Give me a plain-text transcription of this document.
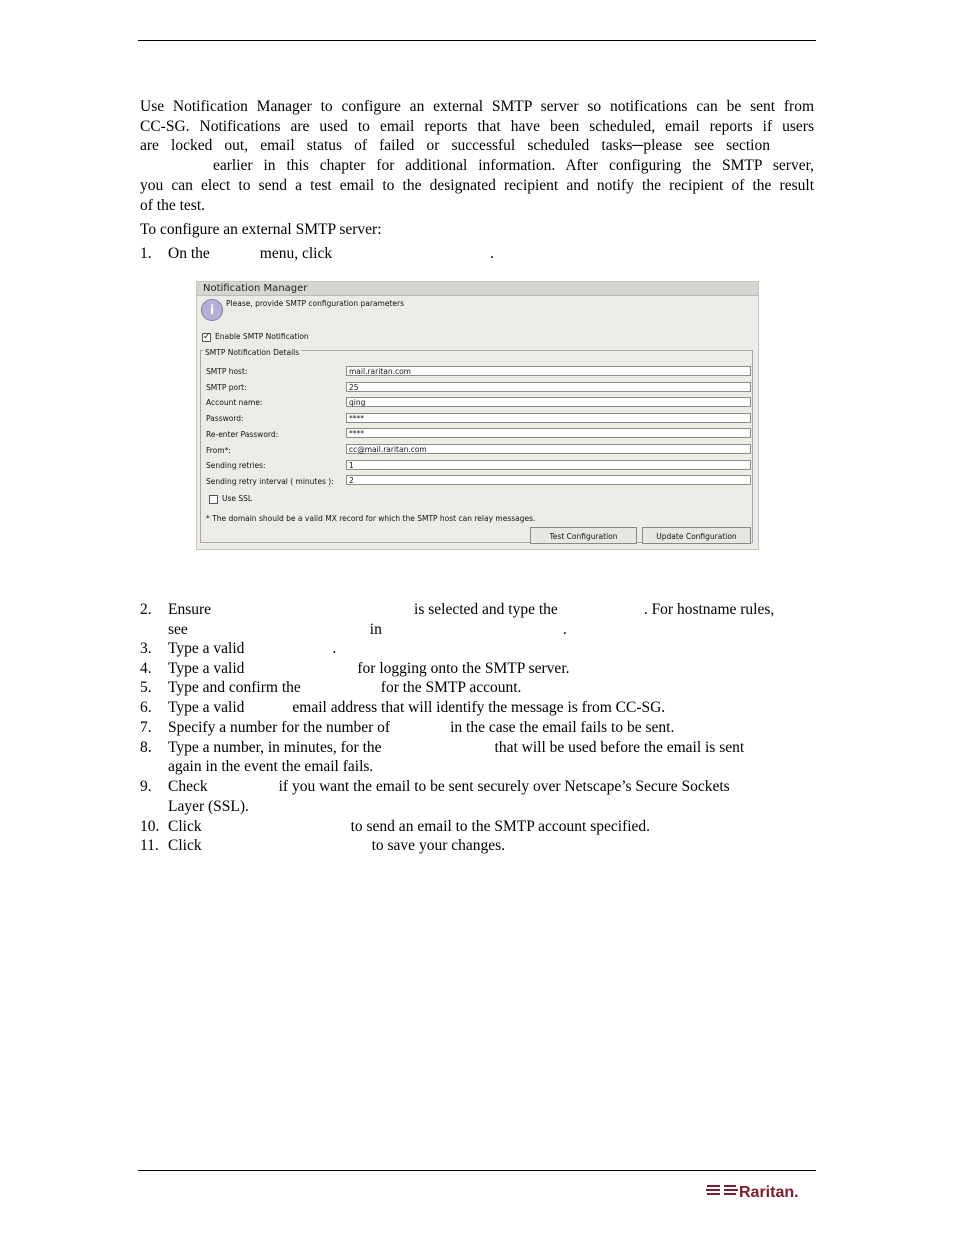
Use Notification Manager to configure an external SMTP server so notifications can be sent from
CC-SG. Notifications are used to email reports that have been scheduled, email reports if users
are locked out, email status of failed or successful scheduled tasks─please see section
earlier in this chapter for additional information. After configuring the SMTP server,
you can elect to send a test email to the designated recipient and notify the recipient of the result
of the test.
To configure an external SMTP server:
1.	On the	menu, click	.
Notification Manager
i	Please, provide SMTP configuration parameters
✓ Enable SMTP Notification
SMTP Notification Details
SMTP host:	mail.raritan.com
SMTP port:	25
Account name:	qing
Password:	****
Re-enter Password:	****
From*:	cc@mail.raritan.com
Sending retries:	1
Sending retry interval ( minutes ):	2
Use SSL
* The domain should be a valid MX record for which the SMTP host can relay messages.
Test Configuration	Update Configuration
2.	Ensure	is selected and type the	. For hostname rules,
see	in	.
3.	Type a valid	.
4.	Type a valid	for logging onto the SMTP server.
5.	Type and confirm the	for the SMTP account.
6.	Type a valid	email address that will identify the message is from CC-SG.
7.	Specify a number for the number of	in the case the email fails to be sent.
8.	Type a number, in minutes, for the	that will be used before the email is sent
again in the event the email fails.
9.	Check	if you want the email to be sent securely over Netscape’s Secure Sockets
Layer (SSL).
10. Click	to send an email to the SMTP account specified.
11. Click	to save your changes.
Raritan.
